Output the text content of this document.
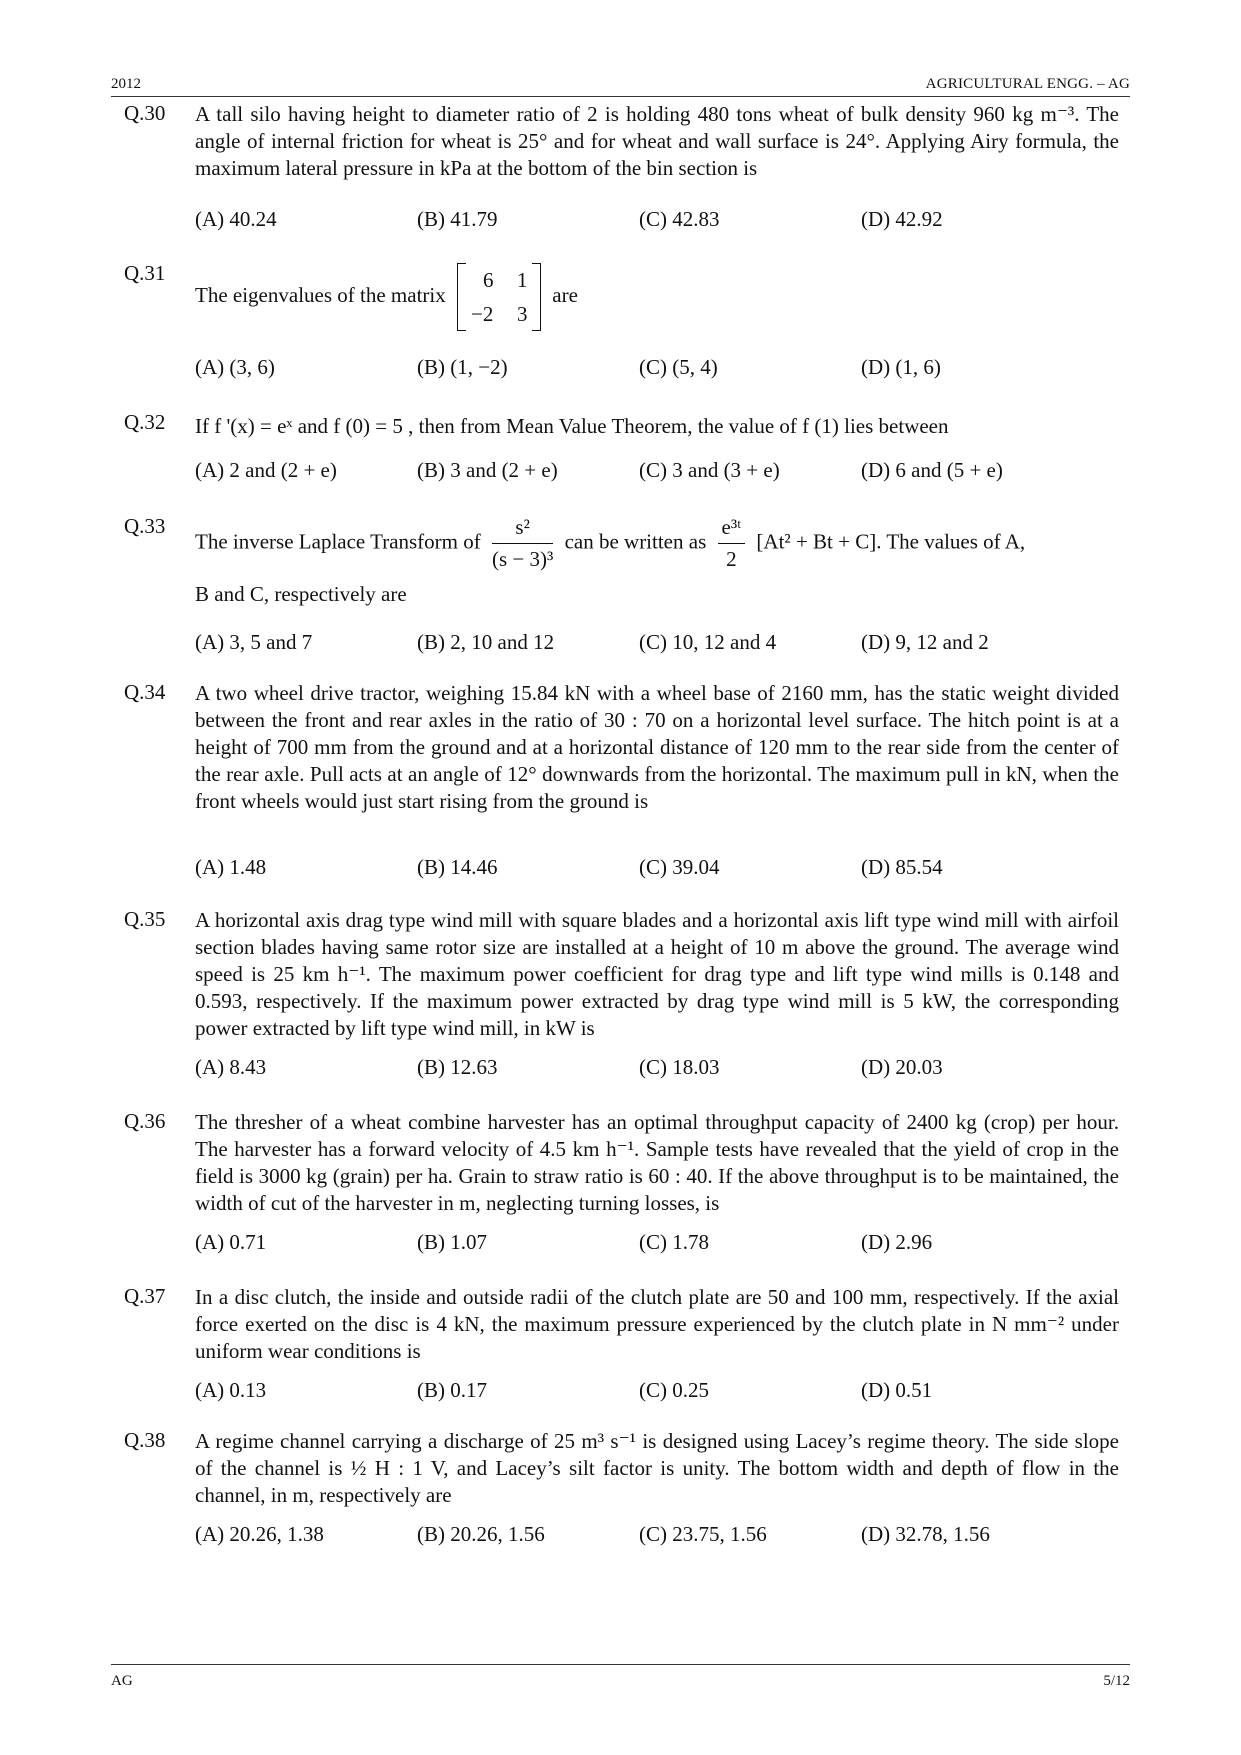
2012	AGRICULTURAL ENGG. – AG
Q.30 A tall silo having height to diameter ratio of 2 is holding 480 tons wheat of bulk density 960 kg m⁻³. The angle of internal friction for wheat is 25° and for wheat and wall surface is 24°. Applying Airy formula, the maximum lateral pressure in kPa at the bottom of the bin section is
(A) 40.24	(B) 41.79	(C) 42.83	(D) 42.92
Q.31
The eigenvalues of the matrix
6 1
−2 3
are
(A) (3, 6)	(B) (1, −2)	(C) (5, 4)	(D) (1, 6)
Q.32 If f '(x) = eˣ and f (0) = 5 , then from Mean Value Theorem, the value of f (1) lies between
(A) 2 and (2 + e)	(B) 3 and (2 + e)	(C) 3 and (3 + e)	(D) 6 and (5 + e)
Q.33
The inverse Laplace Transform of $\frac{\text{s²}}{\text{(s − 3)³}}$ can be written as $\frac{\text{e³ᵗ}}{2} [At^2 + Bt + C]$. The values of A,
B and C, respectively are
(A) 3, 5 and 7	(B) 2, 10 and 12	(C) 10, 12 and 4	(D) 9, 12 and 2
Q.34 A two wheel drive tractor, weighing 15.84 kN with a wheel base of 2160 mm, has the static weight divided between the front and rear axles in the ratio of 30 : 70 on a horizontal level surface. The hitch point is at a height of 700 mm from the ground and at a horizontal distance of 120 mm to the rear side from the center of the rear axle. Pull acts at an angle of 12° downwards from the horizontal. The maximum pull in kN, when the front wheels would just start rising from the ground is
(A) 1.48	(B) 14.46	(C) 39.04	(D) 85.54
Q.35 A horizontal axis drag type wind mill with square blades and a horizontal axis lift type wind mill with airfoil section blades having same rotor size are installed at a height of 10 m above the ground. The average wind speed is 25 km h⁻¹. The maximum power coefficient for drag type and lift type wind mills is 0.148 and 0.593, respectively. If the maximum power extracted by drag type wind mill is 5 kW, the corresponding power extracted by lift type wind mill, in kW is
(A) 8.43	(B) 12.63	(C) 18.03	(D) 20.03
Q.36 The thresher of a wheat combine harvester has an optimal throughput capacity of 2400 kg (crop) per hour. The harvester has a forward velocity of 4.5 km h⁻¹. Sample tests have revealed that the yield of crop in the field is 3000 kg (grain) per ha. Grain to straw ratio is 60 : 40. If the above throughput is to be maintained, the width of cut of the harvester in m, neglecting turning losses, is
(A) 0.71	(B) 1.07	(C) 1.78	(D) 2.96
Q.37 In a disc clutch, the inside and outside radii of the clutch plate are 50 and 100 mm, respectively. If the axial force exerted on the disc is 4 kN, the maximum pressure experienced by the clutch plate in N mm⁻² under uniform wear conditions is
(A) 0.13	(B) 0.17	(C) 0.25	(D) 0.51
Q.38 A regime channel carrying a discharge of 25 m³ s⁻¹ is designed using Lacey’s regime theory. The side slope of the channel is ½ H : 1 V, and Lacey’s silt factor is unity. The bottom width and depth of flow in the channel, in m, respectively are
(A) 20.26, 1.38	(B) 20.26, 1.56	(C) 23.75, 1.56	(D) 32.78, 1.56
AG	5/12
